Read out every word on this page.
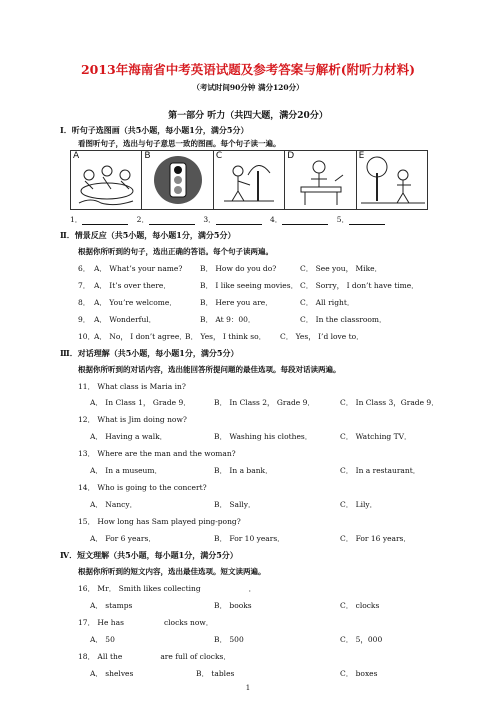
2013年海南省中考英语试题及参考答案与解析(附听力材料)
（考试时间90分钟 满分120分）
第一部分 听力（共四大题，满分20分）
Ⅰ．听句子选图画（共5小题，每小题1分，满分5分）
看图听句子，选出与句子意思一致的图画。每个句子读一遍。
A	B	C	D	E
1．	2．	3．	4．	5．
Ⅱ．情景反应（共5小题，每小题1分，满分5分）
根据你所听到的句子，选出正确的答语。每个句子读两遍。
6． A． What’s your name? B． How do you do?	C． See you， Mike．
7． A． It’s over there．	B． I like seeing movies． C． Sorry， I don’t have time．
8． A． You’re welcome．	B． Here you are．	C． All right．
9． A． Wonderful．	B． At 9：00．	C． In the classroom．
10．
A． No， I don’t agree．
B． Yes， I think so． C． Yes， I’d love to．
Ⅲ．对话理解（共5小题，每小题1分，满分5分）
根据你所听到的对话内容，选出能回答所提问题的最佳选项。每段对话读两遍。
11． What class is Maria in?
A． In Class 1， Grade 9．	B． In Class 2， Grade 9．	C． In Class 3，Grade 9．
12． What is Jim doing now?
A． Having a walk．	B． Washing his clothes．	C． Watching TV．
13． Where are the man and the woman?
A． In a museum．	B． In a bank．	C． In a restaurant．
14． Who is going to the concert?
A． Nancy．	B． Sally．	C． Lily．
15． How long has Sam played ping-pong?
A． For 6 years．	B． For 10 years．	C． For 16 years．
Ⅳ．短文理解（共5小题，每小题1分，满分5分）
根据你所听到的短文内容，选出最佳选项。短文读两遍。
16． Mr． Smith likes collecting	．
A． stamps	B． books	C． clocks
17． He has	clocks now．
A． 50	B． 500	C． 5，000
18． All the	are full of clocks．
A． shelves	B． tables	C． boxes
1
